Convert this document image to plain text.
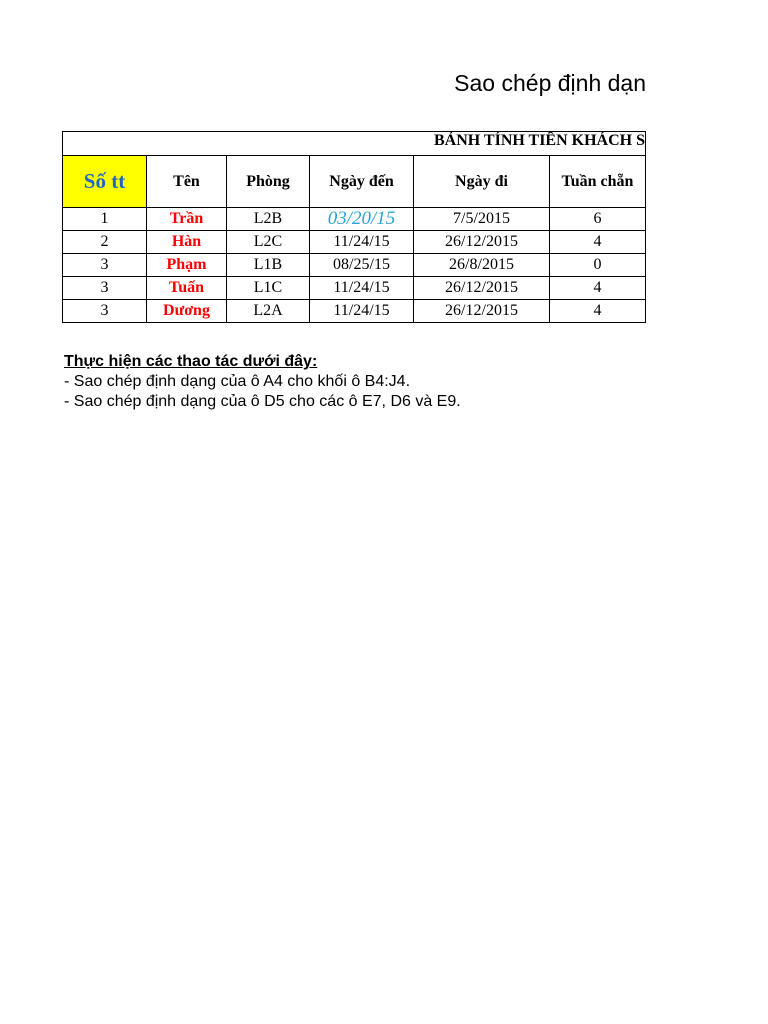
Sao chép định dạn
BẢNH TÍNH TIỀN KHÁCH S					
Số tt	Tên	Phòng	Ngày đến	Ngày đi	Tuần chẵn
1	Trần	L2B	03/20/15	7/5/2015	6
2	Hàn	L2C	11/24/15	26/12/2015	4
3	Phạm	L1B	08/25/15	26/8/2015	0
3	Tuấn	L1C	11/24/15	26/12/2015	4
3	Dương	L2A	11/24/15	26/12/2015	4
Thực hiện các thao tác dưới đây:
- Sao chép định dạng của ô A4 cho khối ô B4:J4.
- Sao chép định dạng của ô D5 cho các ô E7, D6 và E9.
